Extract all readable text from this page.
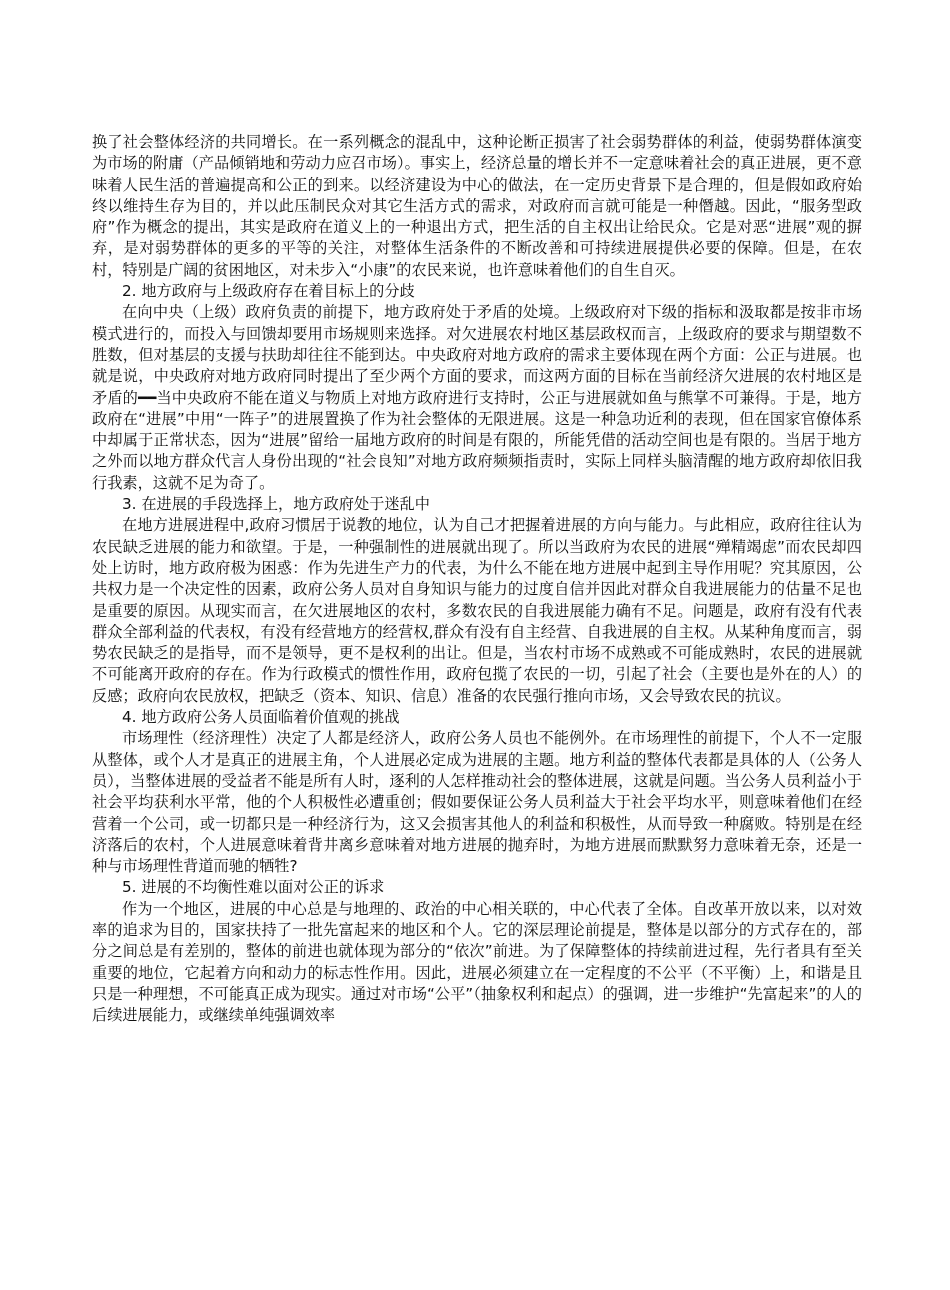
换了社会整体经济的共同增长。在一系列概念的混乱中，这种论断正损害了社会弱势群体的利益，使弱势群体演变为市场的附庸（产品倾销地和劳动力应召市场）。事实上，经济总量的增长并不一定意味着社会的真正进展，更不意味着人民生活的普遍提高和公正的到来。以经济建设为中心的做法，在一定历史背景下是合理的，但是假如政府始终以维持生存为目的，并以此压制民众对其它生活方式的需求，对政府而言就可能是一种僭越。因此，“服务型政府”作为概念的提出，其实是政府在道义上的一种退出方式，把生活的自主权出让给民众。它是对恶“进展”观的摒弃，是对弱势群体的更多的平等的关注，对整体生活条件的不断改善和可持续进展提供必要的保障。但是，在农村，特别是广阔的贫困地区，对未步入“小康”的农民来说，也许意味着他们的自生自灭。

2. 地方政府与上级政府存在着目标上的分歧

在向中央（上级）政府负责的前提下，地方政府处于矛盾的处境。上级政府对下级的指标和汲取都是按非市场模式进行的，而投入与回馈却要用市场规则来选择。对欠进展农村地区基层政权而言，上级政府的要求与期望数不胜数，但对基层的支援与扶助却往往不能到达。中央政府对地方政府的需求主要体现在两个方面：公正与进展。也就是说，中央政府对地方政府同时提出了至少两个方面的要求，而这两方面的目标在当前经济欠进展的农村地区是矛盾的━━当中央政府不能在道义与物质上对地方政府进行支持时，公正与进展就如鱼与熊掌不可兼得。于是，地方政府在“进展”中用“一阵子”的进展置换了作为社会整体的无限进展。这是一种急功近利的表现，但在国家官僚体系中却属于正常状态，因为“进展”留给一届地方政府的时间是有限的，所能凭借的活动空间也是有限的。当居于地方之外而以地方群众代言人身份出现的“社会良知”对地方政府频频指责时，实际上同样头脑清醒的地方政府却依旧我行我素，这就不足为奇了。

3. 在进展的手段选择上，地方政府处于迷乱中

在地方进展进程中,政府习惯居于说教的地位，认为自己才把握着进展的方向与能力。与此相应，政府往往认为农民缺乏进展的能力和欲望。于是，一种强制性的进展就出现了。所以当政府为农民的进展“殚精竭虑”而农民却四处上访时，地方政府极为困惑：作为先进生产力的代表，为什么不能在地方进展中起到主导作用呢？究其原因，公共权力是一个决定性的因素，政府公务人员对自身知识与能力的过度自信并因此对群众自我进展能力的估量不足也是重要的原因。从现实而言，在欠进展地区的农村，多数农民的自我进展能力确有不足。问题是，政府有没有代表群众全部利益的代表权，有没有经营地方的经营权,群众有没有自主经营、自我进展的自主权。从某种角度而言，弱势农民缺乏的是指导，而不是领导，更不是权利的出让。但是，当农村市场不成熟或不可能成熟时，农民的进展就不可能离开政府的存在。作为行政模式的惯性作用，政府包揽了农民的一切，引起了社会（主要也是外在的人）的反感；政府向农民放权，把缺乏（资本、知识、信息）准备的农民强行推向市场，又会导致农民的抗议。

4. 地方政府公务人员面临着价值观的挑战

市场理性（经济理性）决定了人都是经济人，政府公务人员也不能例外。在市场理性的前提下，个人不一定服从整体，或个人才是真正的进展主角，个人进展必定成为进展的主题。地方利益的整体代表都是具体的人（公务人员），当整体进展的受益者不能是所有人时，逐利的人怎样推动社会的整体进展，这就是问题。当公务人员利益小于社会平均获利水平常，他的个人积极性必遭重创；假如要保证公务人员利益大于社会平均水平，则意味着他们在经营着一个公司，或一切都只是一种经济行为，这又会损害其他人的利益和积极性，从而导致一种腐败。特别是在经济落后的农村，个人进展意味着背井离乡意味着对地方进展的抛弃时，为地方进展而默默努力意味着无奈，还是一种与市场理性背道而驰的牺牲?

5. 进展的不均衡性难以面对公正的诉求

作为一个地区，进展的中心总是与地理的、政治的中心相关联的，中心代表了全体。自改革开放以来，以对效率的追求为目的，国家扶持了一批先富起来的地区和个人。它的深层理论前提是，整体是以部分的方式存在的，部分之间总是有差别的，整体的前进也就体现为部分的“依次”前进。为了保障整体的持续前进过程，先行者具有至关重要的地位，它起着方向和动力的标志性作用。因此，进展必须建立在一定程度的不公平（不平衡）上，和谐是且只是一种理想，不可能真正成为现实。通过对市场“公平”（抽象权利和起点）的强调，进一步维护“先富起来”的人的后续进展能力，或继续单纯强调效率
